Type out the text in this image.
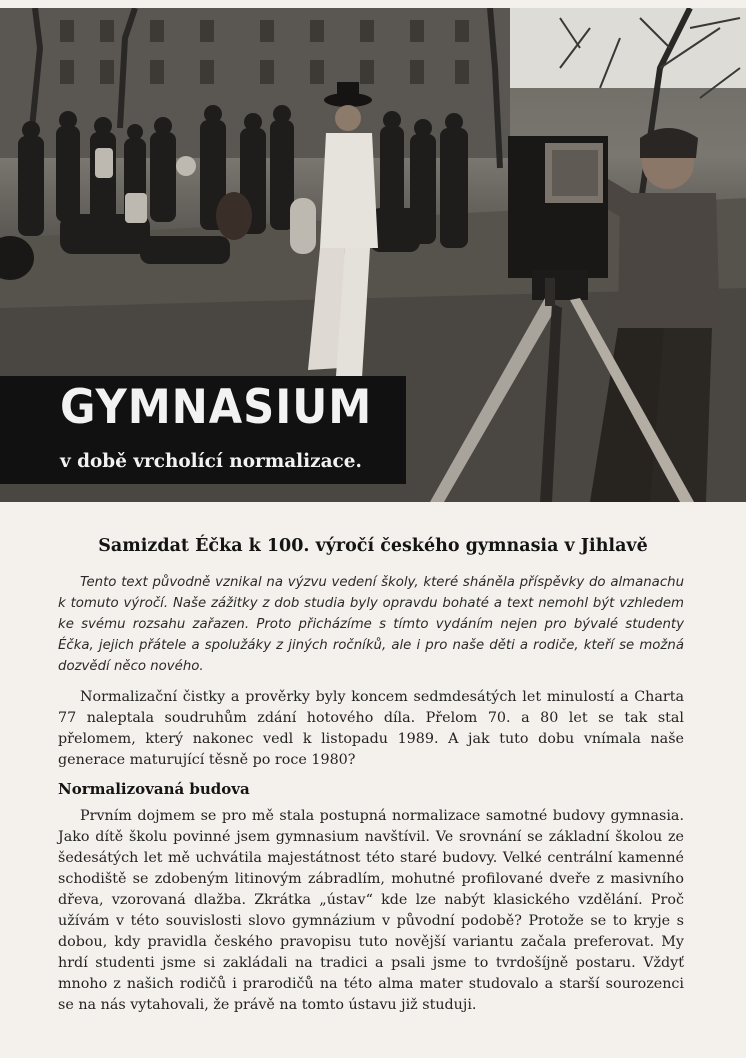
GYMNASIUM
v době vrcholící normalizace.
Samizdat Éčka k 100. výročí českého gymnasia v Jihlavě
Tento text původně vznikal na výzvu vedení školy, které sháněla příspěvky do almanachu k tomuto výročí. Naše zážitky z dob studia byly opravdu bohaté a text nemohl být vzhledem ke svému rozsahu zařazen. Proto přicházíme s tímto vydáním nejen pro bývalé studenty Éčka, jejich přátele a spolužáky z jiných ročníků, ale i pro naše děti a rodiče, kteří se možná dozvědí něco nového.
Normalizační čistky a prověrky byly koncem sedmdesátých let minulostí a Charta 77 naleptala soudruhům zdání hotového díla. Přelom 70. a 80 let se tak stal přelomem, který nakonec vedl k listopadu 1989. A jak tuto dobu vnímala naše generace maturující těsně po roce 1980?
Normalizovaná budova
Prvním dojmem se pro mě stala postupná normalizace samotné budovy gymnasia. Jako dítě školu povinné jsem gymnasium navštívil. Ve srovnání se základní školou ze šedesátých let mě uchvátila majestátnost této staré budovy. Velké centrální kamenné schodiště se zdobeným litinovým zábradlím, mohutné profilované dveře z masivního dřeva, vzorovaná dlažba. Zkrátka „ústav“ kde lze nabýt klasického vzdělání. Proč užívám v této souvislosti slovo gymnázium v původní podobě? Protože se to kryje s dobou, kdy pravidla českého pravopisu tuto novější variantu začala preferovat. My hrdí studenti jsme si zakládali na tradici a psali jsme to tvrdošíjně postaru. Vždyť mnoho z našich rodičů i prarodičů na této alma mater studovalo a starší sourozenci se na nás vytahovali, že právě na tomto ústavu již studuji.
